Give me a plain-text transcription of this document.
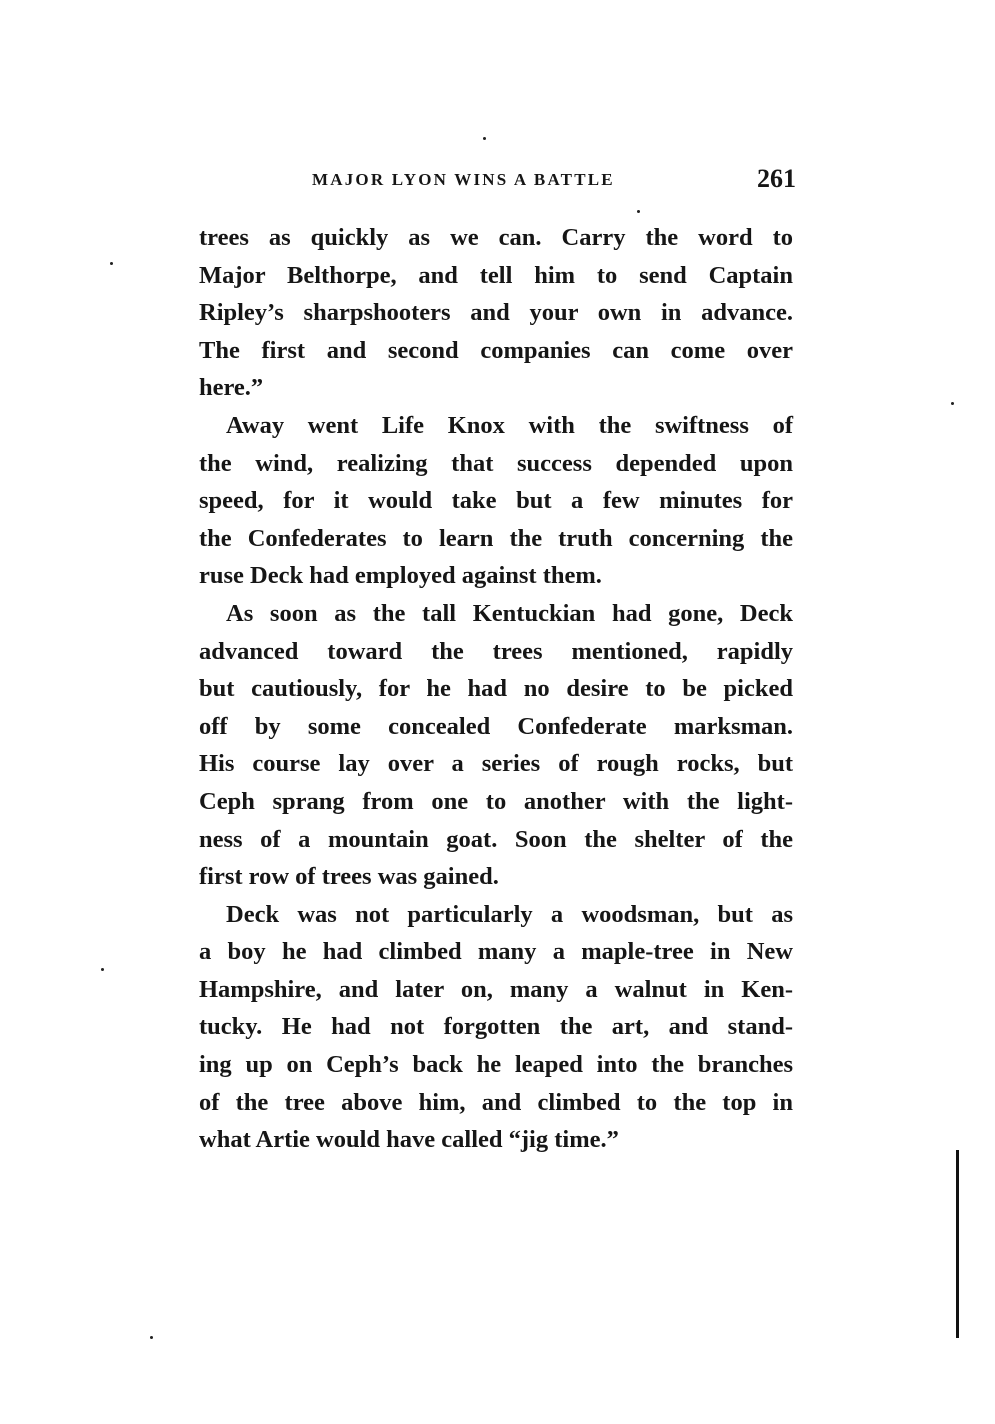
MAJOR LYON WINS A BATTLE	261
trees as quickly as we can. Carry the word to
Major Belthorpe, and tell him to send Captain
Ripley’s sharpshooters and your own in advance.
The first and second companies can come over
here.”
Away went Life Knox with the swiftness of
the wind, realizing that success depended upon
speed, for it would take but a few minutes for
the Confederates to learn the truth concerning the
ruse Deck had employed against them.
As soon as the tall Kentuckian had gone, Deck
advanced toward the trees mentioned, rapidly
but cautiously, for he had no desire to be picked
off by some concealed Confederate marksman.
His course lay over a series of rough rocks, but
Ceph sprang from one to another with the light-
ness of a mountain goat. Soon the shelter of the
first row of trees was gained.
Deck was not particularly a woodsman, but as
a boy he had climbed many a maple-tree in New
Hampshire, and later on, many a walnut in Ken-
tucky. He had not forgotten the art, and stand-
ing up on Ceph’s back he leaped into the branches
of the tree above him, and climbed to the top in
what Artie would have called “jig time.”
